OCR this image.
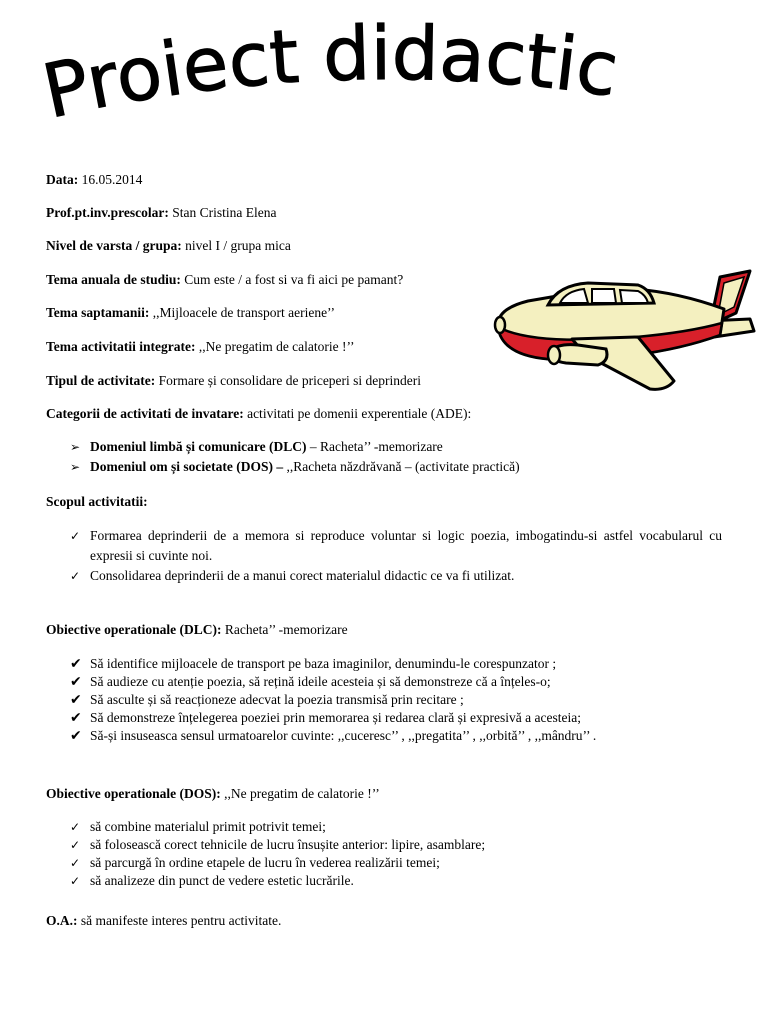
Proiect didactic
Data: 16.05.2014
Prof.pt.inv.prescolar: Stan Cristina Elena
Nivel de varsta / grupa: nivel I / grupa mica
Tema anuala de studiu: Cum este / a fost si va fi aici pe pamant?
Tema saptamanii: ,,Mijloacele de transport aeriene’’
Tema activitatii integrate: ,,Ne pregatim de calatorie !’’
Tipul de activitate: Formare și consolidare de priceperi si deprinderi
Categorii de activitati de invatare: activitati pe domenii experentiale (ADE):
➢ Domeniul limbă și comunicare (DLC) – Racheta’’ -memorizare
➢ Domeniul om și societate (DOS) – ,,Racheta năzdrăvană – (activitate practică)
Scopul activitatii:
✓ Formarea deprinderii de a memora si reproduce voluntar si logic poezia, imbogatindu-si astfel vocabularul cu expresii si cuvinte noi.
✓ Consolidarea deprinderii de a manui corect materialul didactic ce va fi utilizat.
Obiective operationale (DLC): Racheta’’ -memorizare
✔ Să identifice mijloacele de transport pe baza imaginilor, denumindu-le corespunzator ;
✔ Să audieze cu atenție poezia, să rețină ideile acesteia și să demonstreze că a înțeles-o;
✔ Să asculte și să reacționeze adecvat la poezia transmisă prin recitare ;
✔ Să demonstreze înțelegerea poeziei prin memorarea și redarea clară și expresivă a acesteia;
✔ Să-și insuseasca sensul urmatoarelor cuvinte: ,,cuceresc’’ , ,,pregatita’’ , ,,orbită’’ , ,,mândru’’ .
Obiective operationale (DOS): ,,Ne pregatim de calatorie !’’
✓ să combine materialul primit potrivit temei;
✓ să folosească corect tehnicile de lucru însușite anterior: lipire, asamblare;
✓ să parcurgă în ordine etapele de lucru în vederea realizării temei;
✓ să analizeze din punct de vedere estetic lucrările.
O.A.: să manifeste interes pentru activitate.
